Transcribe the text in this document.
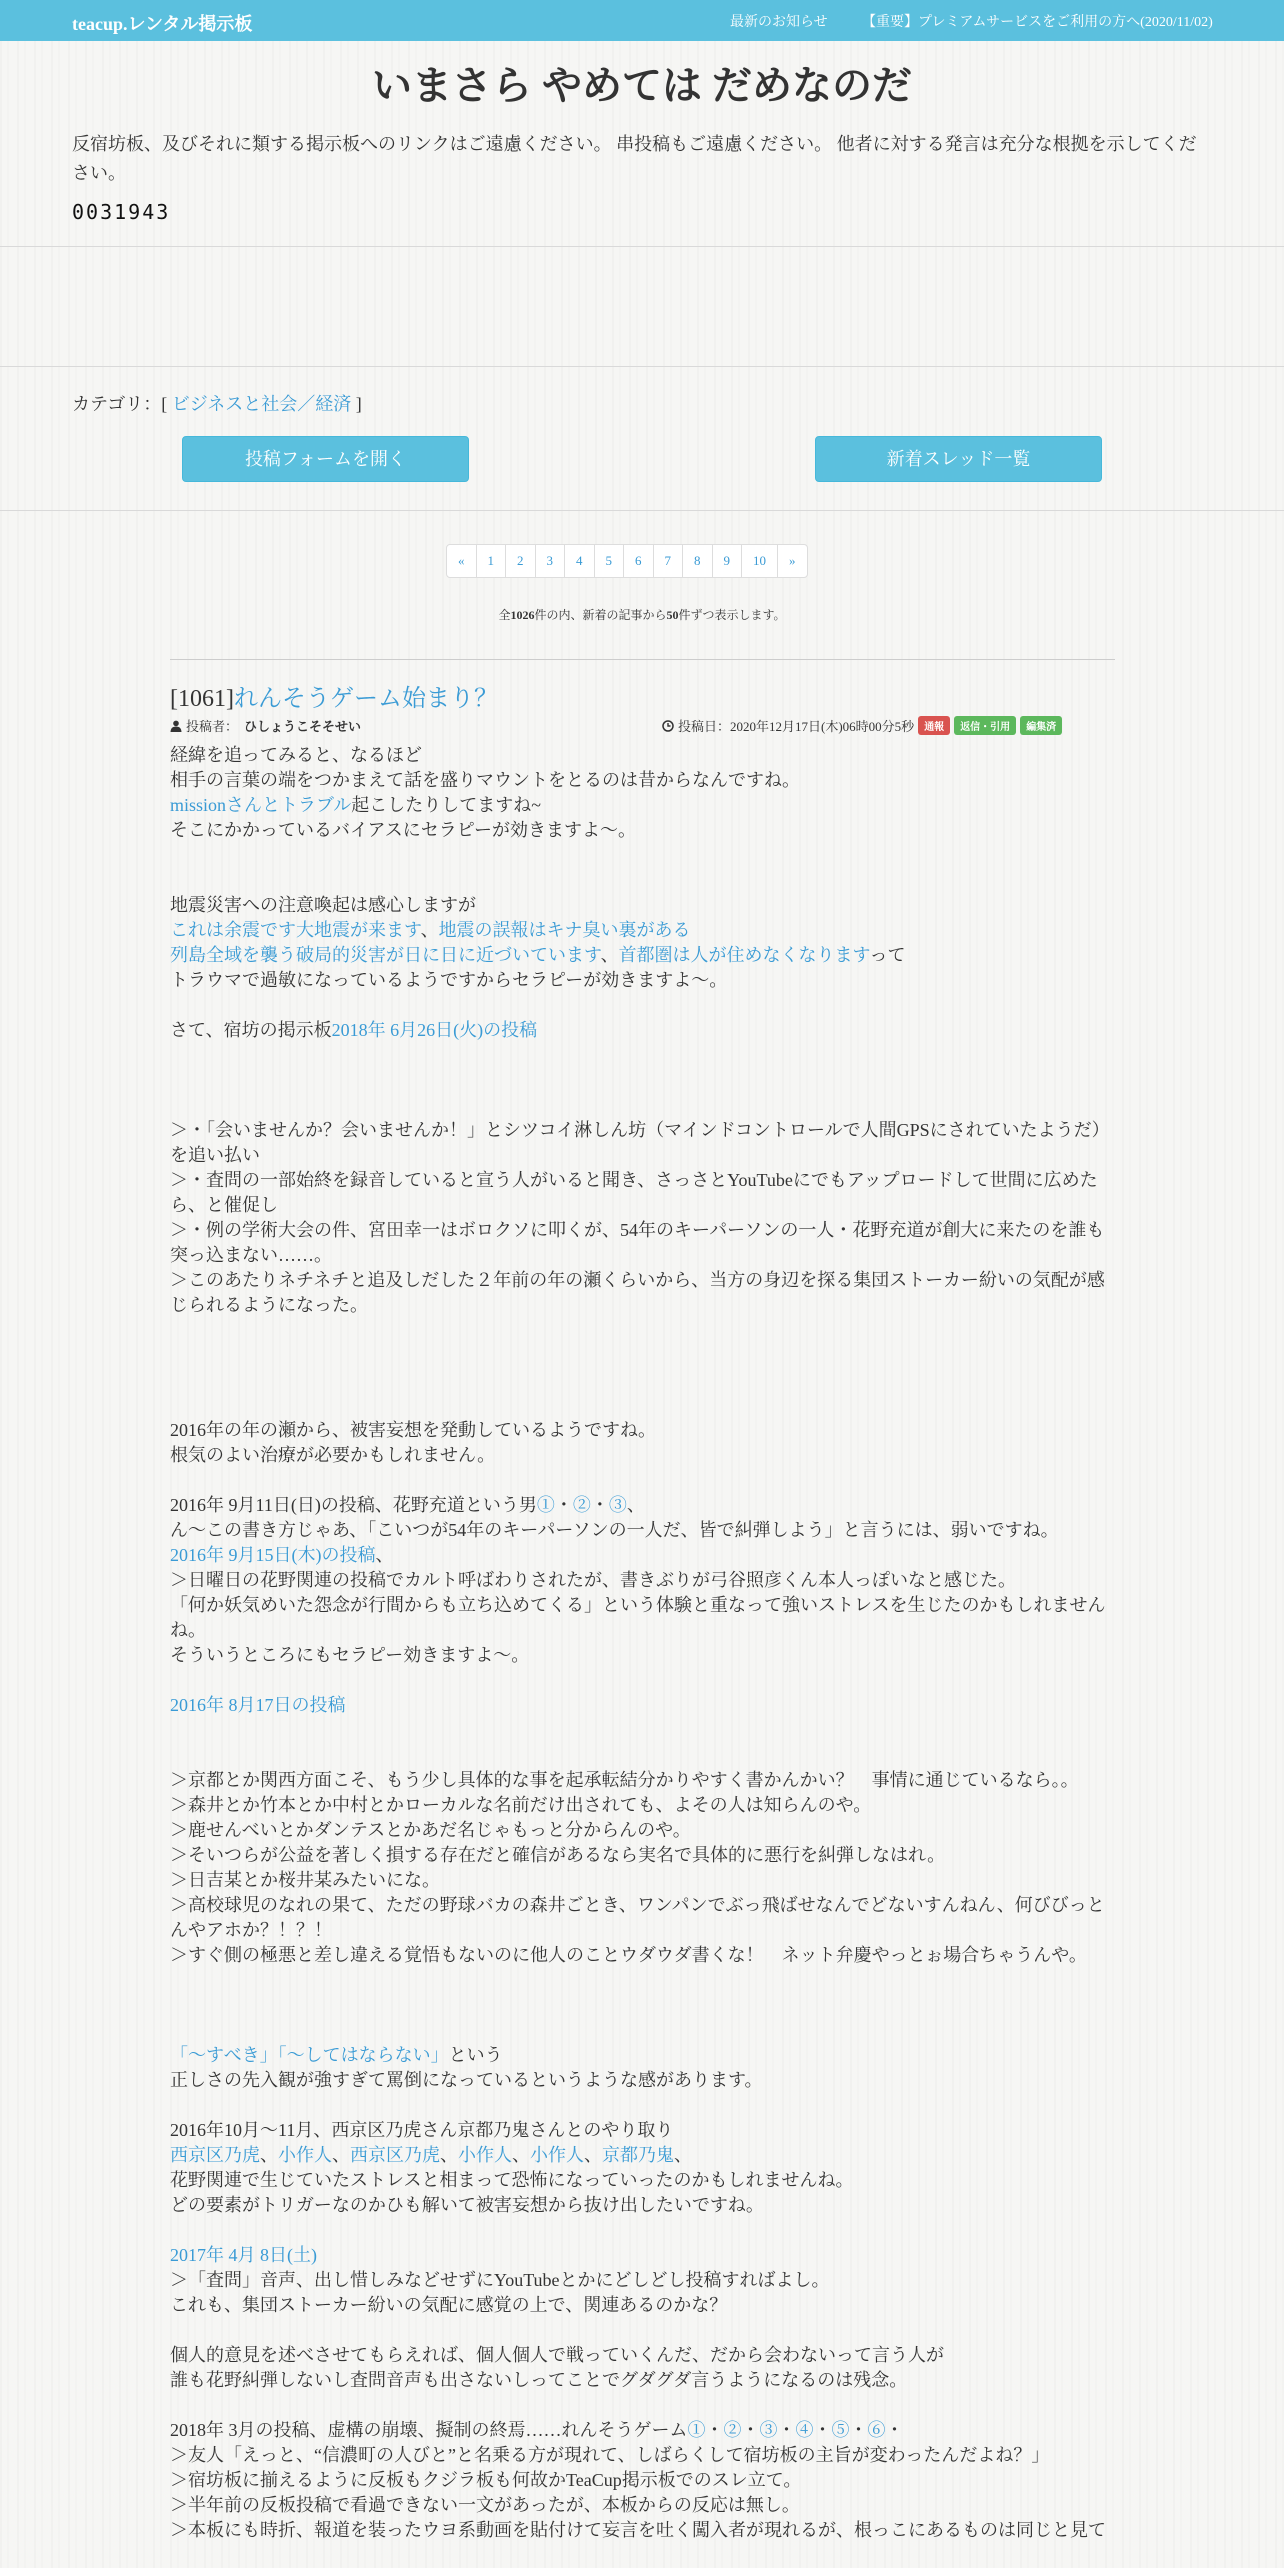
teacup.レンタル掲示板	最新のお知らせ 【重要】プレミアムサービスをご利用の方へ(2020/11/02)
いまさら やめては だめなのだ

反宿坊板、及びそれに類する掲示板へのリンクはご遠慮ください。 串投稿もご遠慮ください。 他者に対する発言は充分な根拠を示してください。

0031943
カテゴリ：[ ビジネスと社会／経済 ]
投稿フォームを開く	新着スレッド一覧
«	1	2	3	4	5	6	7	8	9	10	»
全1026件の内、新着の記事から50件ずつ表示します。
[1061]れんそうゲーム始まり？
投稿者： ひしょうこそそせい	投稿日： 2020年12月17日(木)06時00分5秒	通報 返信・引用 編集済
経緯を追ってみると、なるほど
相手の言葉の端をつかまえて話を盛りマウントをとるのは昔からなんですね。
missionさんとトラブル起こしたりしてますね~
そこにかかっているバイアスにセラピーが効きますよ～。
地震災害への注意喚起は感心しますが
これは余震です大地震が来ます、地震の誤報はキナ臭い裏がある
列島全域を襲う破局的災害が日に日に近づいています、首都圏は人が住めなくなりますって
トラウマで過敏になっているようですからセラピーが効きますよ～。
さて、宿坊の掲示板2018年 6月26日(火)の投稿
＞・「会いませんか？会いませんか！」とシツコイ淋しん坊（マインドコントロールで人間GPSにされていたようだ）を追い払い
＞・査問の一部始終を録音していると宣う人がいると聞き、さっさとYouTubeにでもアップロードして世間に広めたら、と催促し
＞・例の学術大会の件、宮田幸一はボロクソに叩くが、54年のキーパーソンの一人・花野充道が創大に来たのを誰も突っ込まない……。
＞このあたりネチネチと追及しだした２年前の年の瀬くらいから、当方の身辺を探る集団ストーカー紛いの気配が感じられるようになった。
2016年の年の瀬から、被害妄想を発動しているようですね。
根気のよい治療が必要かもしれません。
2016年 9月11日(日)の投稿、花野充道という男①・②・③、
ん～この書き方じゃあ、「こいつが54年のキーパーソンの一人だ、皆で糾弾しよう」と言うには、弱いですね。
2016年 9月15日(木)の投稿、
＞日曜日の花野関連の投稿でカルト呼ばわりされたが、書きぶりが弓谷照彦くん本人っぽいなと感じた。
「何か妖気めいた怨念が行間からも立ち込めてくる」という体験と重なって強いストレスを生じたのかもしれませんね。
そういうところにもセラピー効きますよ～。
2016年 8月17日の投稿
＞京都とか関西方面こそ、もう少し具体的な事を起承転結分かりやすく書かんかい？　事情に通じているなら。。
＞森井とか竹本とか中村とかローカルな名前だけ出されても、よその人は知らんのや。
＞鹿せんべいとかダンテスとかあだ名じゃもっと分からんのや。
＞そいつらが公益を著しく損する存在だと確信があるなら実名で具体的に悪行を糾弾しなはれ。
＞日吉某とか桜井某みたいにな。
＞高校球児のなれの果て、ただの野球バカの森井ごとき、ワンパンでぶっ飛ばせなんでどないすんねん、何びびっとんやアホか？！？！
＞すぐ側の極悪と差し違える覚悟もないのに他人のことウダウダ書くな！　ネット弁慶やっとぉ場合ちゃうんや。
「～すべき」「～してはならない」という
正しさの先入観が強すぎて罵倒になっているというような感があります。
2016年10月～11月、西京区乃虎さん京都乃鬼さんとのやり取り
西京区乃虎、小作人、西京区乃虎、小作人、小作人、京都乃鬼、
花野関連で生じていたストレスと相まって恐怖になっていったのかもしれませんね。
どの要素がトリガーなのかひも解いて被害妄想から抜け出したいですね。
2017年 4月 8日(土)
＞「査問」音声、出し惜しみなどせずにYouTubeとかにどしどし投稿すればよし。
これも、集団ストーカー紛いの気配に感覚の上で、関連あるのかな？
個人的意見を述べさせてもらえれば、個人個人で戦っていくんだ、だから会わないって言う人が
誰も花野糾弾しないし査問音声も出さないしってことでグダグダ言うようになるのは残念。
2018年 3月の投稿、虚構の崩壊、擬制の終焉……れんそうゲーム①・②・③・④・⑤・⑥・
＞友人「えっと、“信濃町の人びと”と名乗る方が現れて、しばらくして宿坊板の主旨が変わったんだよね？」
＞宿坊板に揃えるように反板もクジラ板も何故かTeaCup掲示板でのスレ立て。
＞半年前の反板投稿で看過できない一文があったが、本板からの反応は無し。
＞本板にも時折、報道を装ったウヨ系動画を貼付けて妄言を吐く闖入者が現れるが、根っこにあるものは同じと見て
